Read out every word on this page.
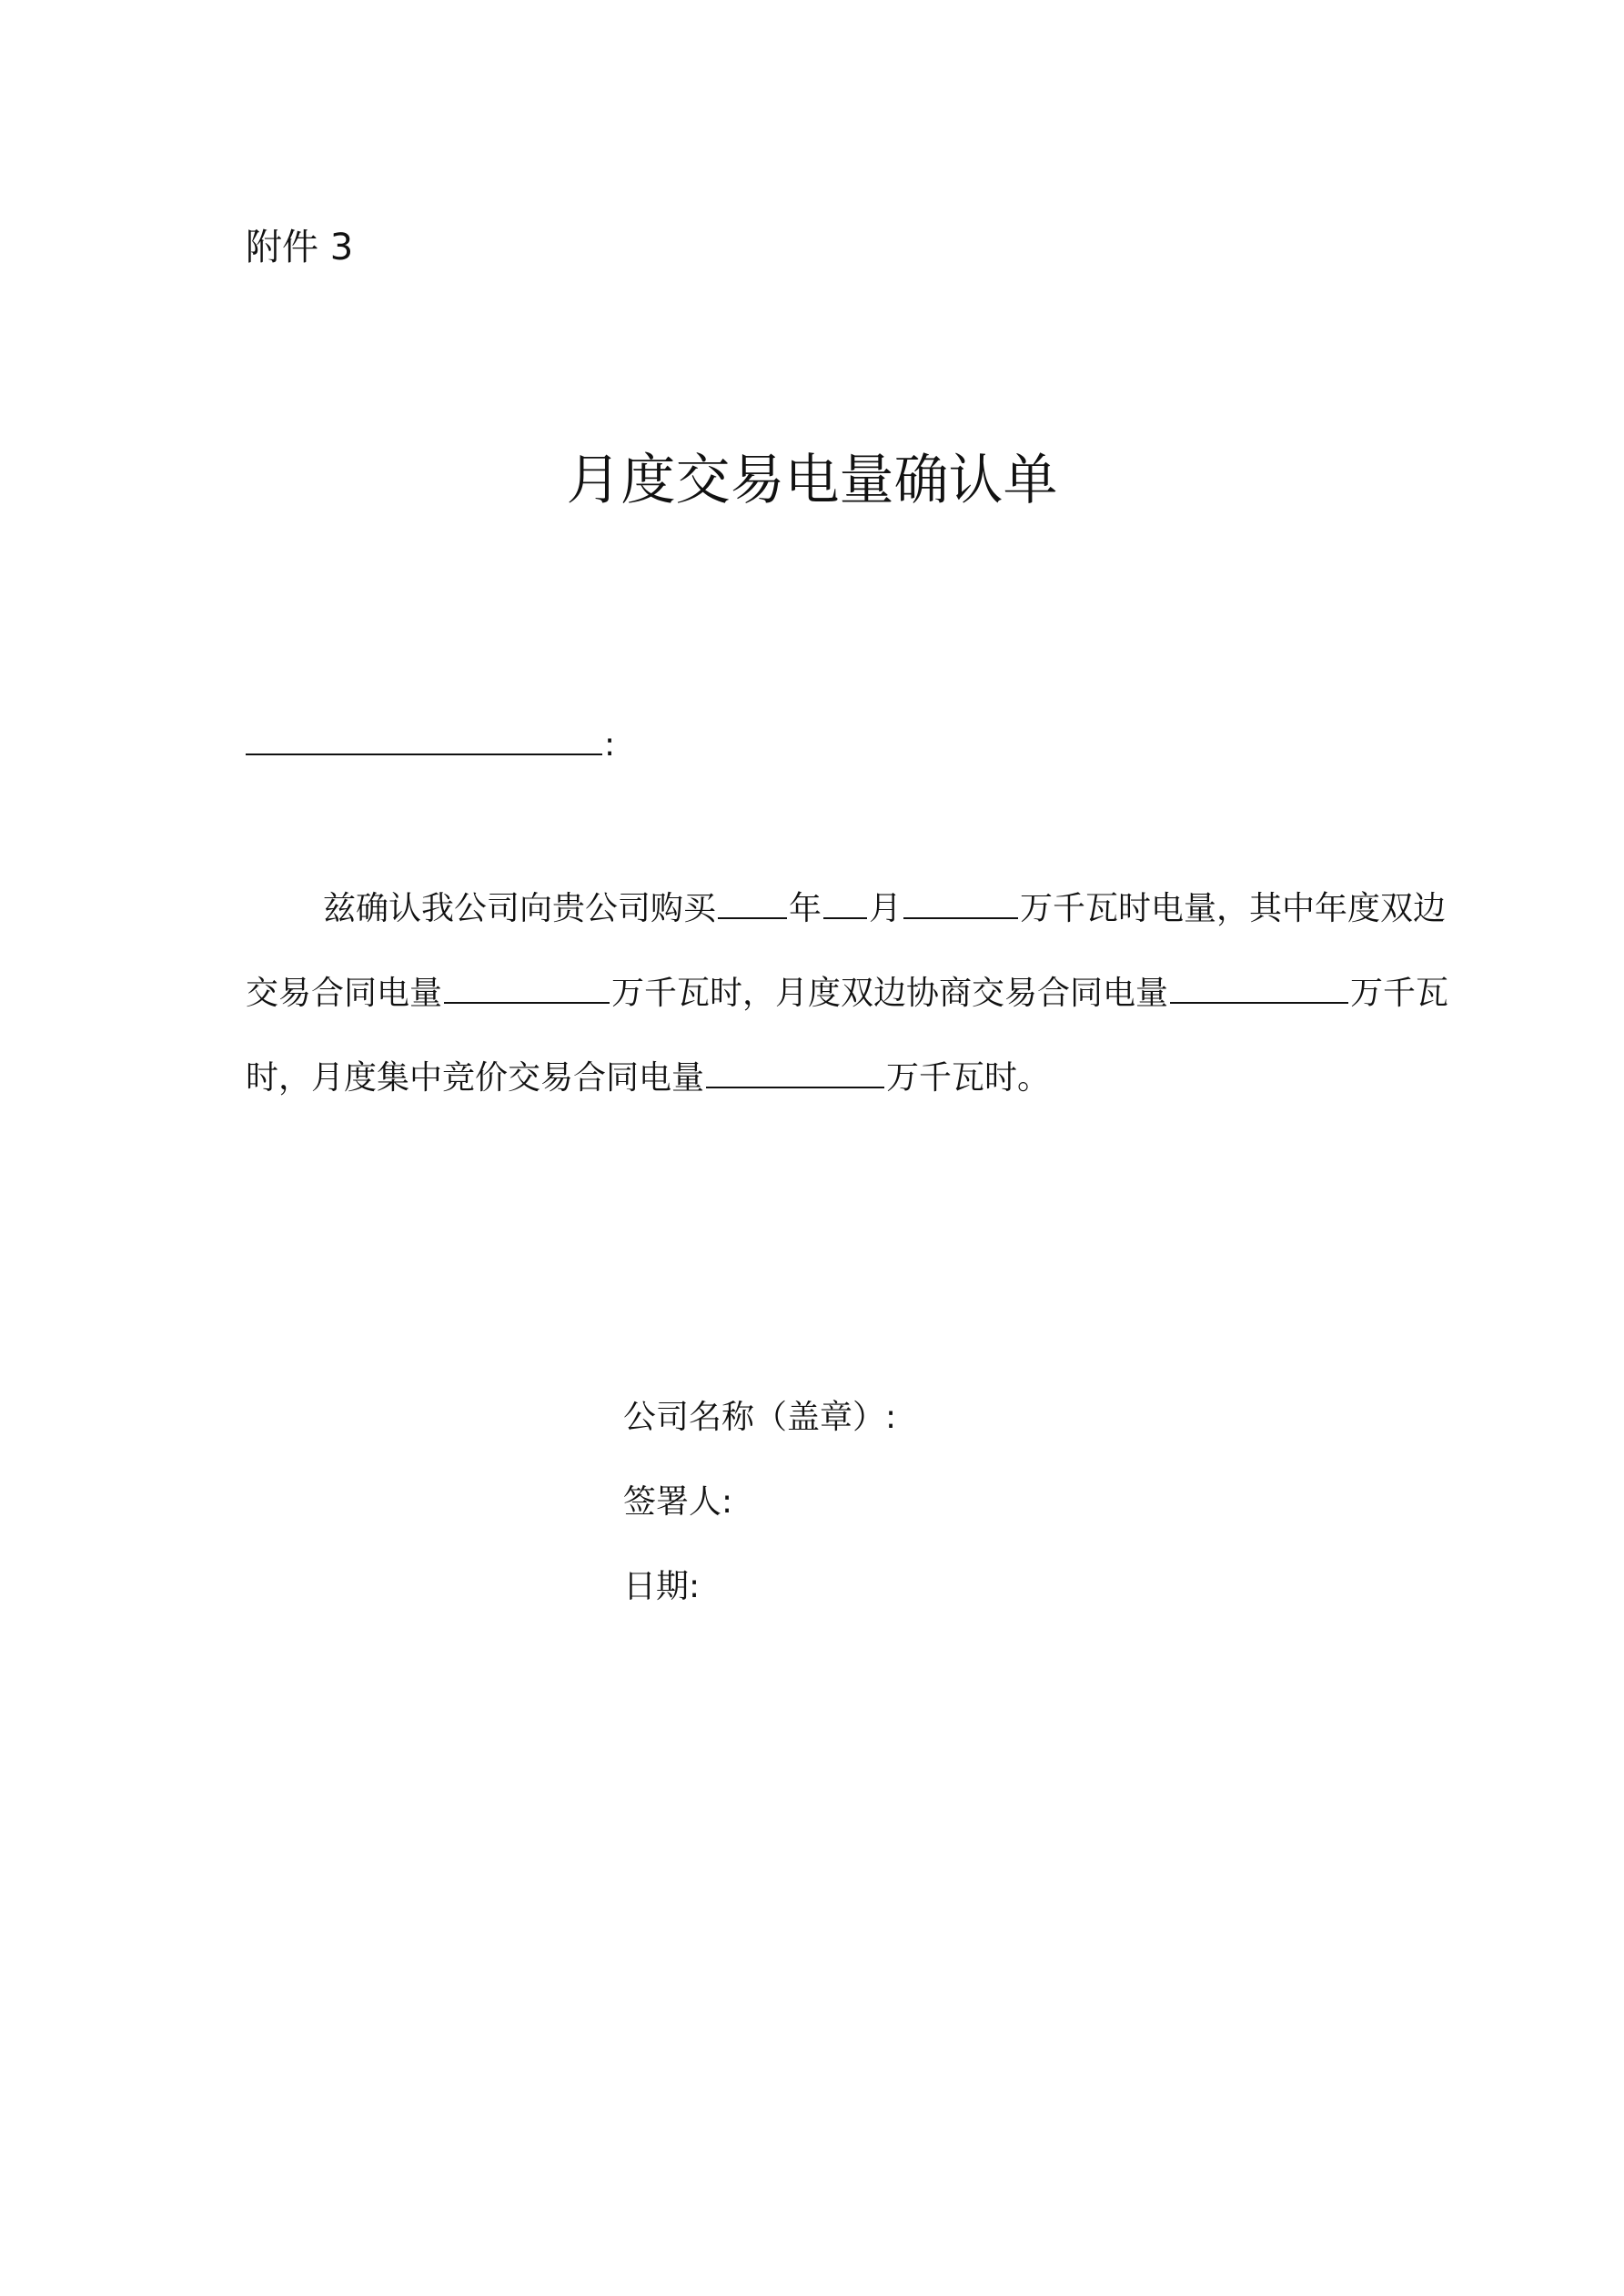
附件 3
月度交易电量确认单
:
兹确认我公司向贵公司购买 年 月	万千瓦时电量，其中年度双边
交易合同电量	万千瓦时，月度双边协商交易合同电量	万千瓦
时，月度集中竞价交易合同电量	万千瓦时。
公司名称（盖章）:
签署人:
日期:
